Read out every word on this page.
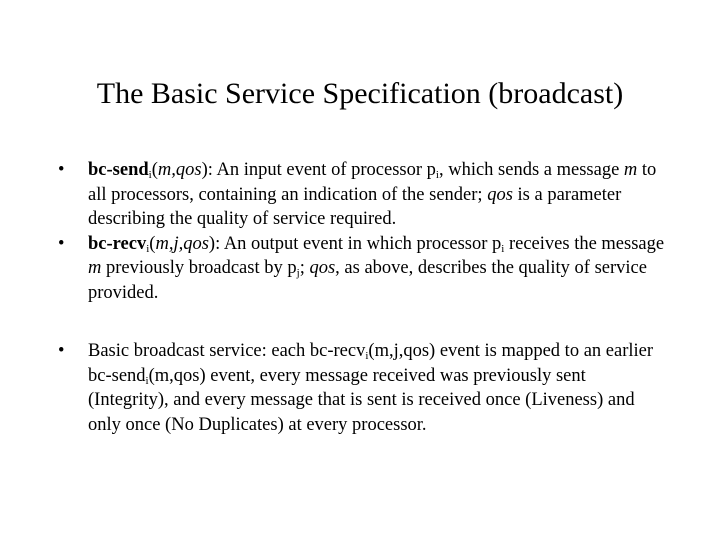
The Basic Service Specification (broadcast)
•	bc-send$_i$(m,qos): An input event of processor $p_i$, which sends a message m to all processors, containing an indication of the sender; qos is a parameter describing the quality of service required.
•	bc-recv$_i$(m,j,qos): An output event in which processor $p_i$ receives the message m previously broadcast by $p_j$; qos, as above, describes the quality of service provided.
•	Basic broadcast service: each bc-recv$_i$(m,j,qos) event is mapped to an earlier bc-send$_i$(m,qos) event, every message received was previously sent (Integrity), and every message that is sent is received once (Liveness) and only once (No Duplicates) at every processor.
